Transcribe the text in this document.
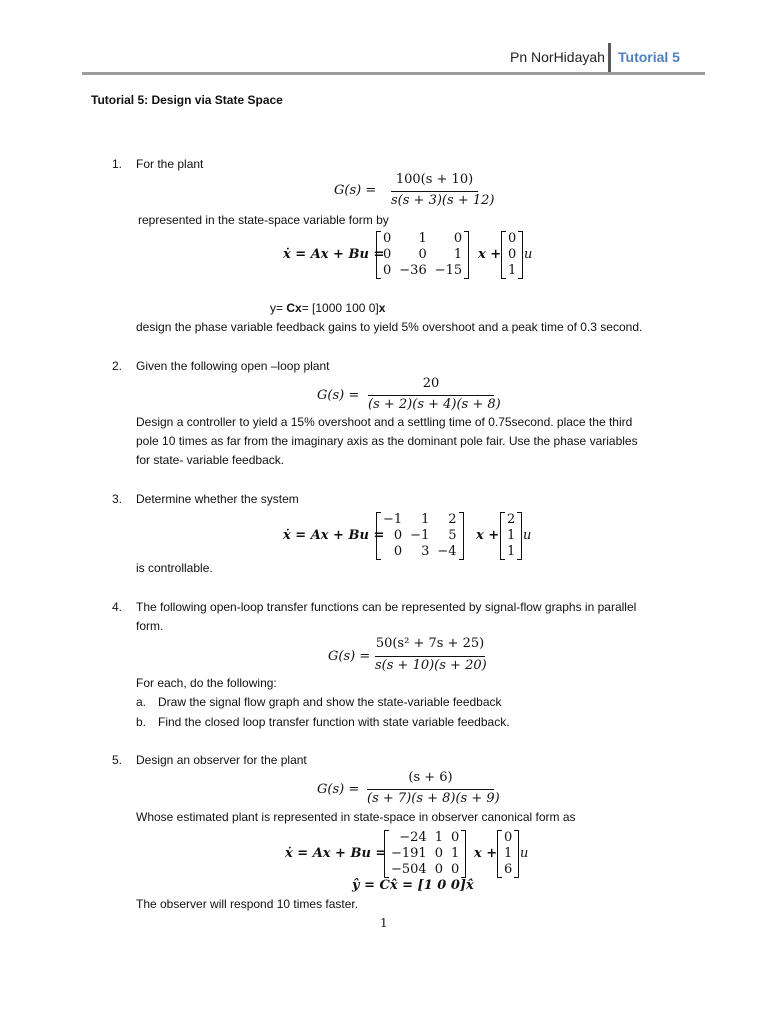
Pn NorHidayah Tutorial 5
Tutorial 5: Design via State Space
1. For the plant
G(s) =
100(s + 10)
s(s + 3)(s + 12)
represented in the state-space variable form by
ẋ = Ax + Bu =
0	1	0
0	0	1
0	−36	−15
x +
0
0
1
u
y= Cx= [1000 100 0]x
design the phase variable feedback gains to yield 5% overshoot and a peak time of 0.3 second.
2. Given the following open –loop plant
G(s) =
20
(s + 2)(s + 4)(s + 8)
Design a controller to yield a 15% overshoot and a settling time of 0.75second. place the third
pole 10 times as far from the imaginary axis as the dominant pole fair. Use the phase variables
for state- variable feedback.
3. Determine whether the system
ẋ = Ax + Bu =
−1	1	2
0	−1	5
0	3	−4
x +
2
1
1
u
is controllable.
4. The following open-loop transfer functions can be represented by signal-flow graphs in parallel
form.
G(s) =
50(s² + 7s + 25)
s(s + 10)(s + 20)
For each, do the following:
a. Draw the signal flow graph and show the state-variable feedback
b. Find the closed loop transfer function with state variable feedback.
5. Design an observer for the plant
G(s) =
(s + 6)
(s + 7)(s + 8)(s + 9)
Whose estimated plant is represented in state-space in observer canonical form as
ẋ = Ax + Bu =
−24	1	0
−191	0	1
−504	0	0
x +
0
1
6
u
ŷ = Cx̂ = [1 0 0]x̂
The observer will respond 10 times faster.
1
